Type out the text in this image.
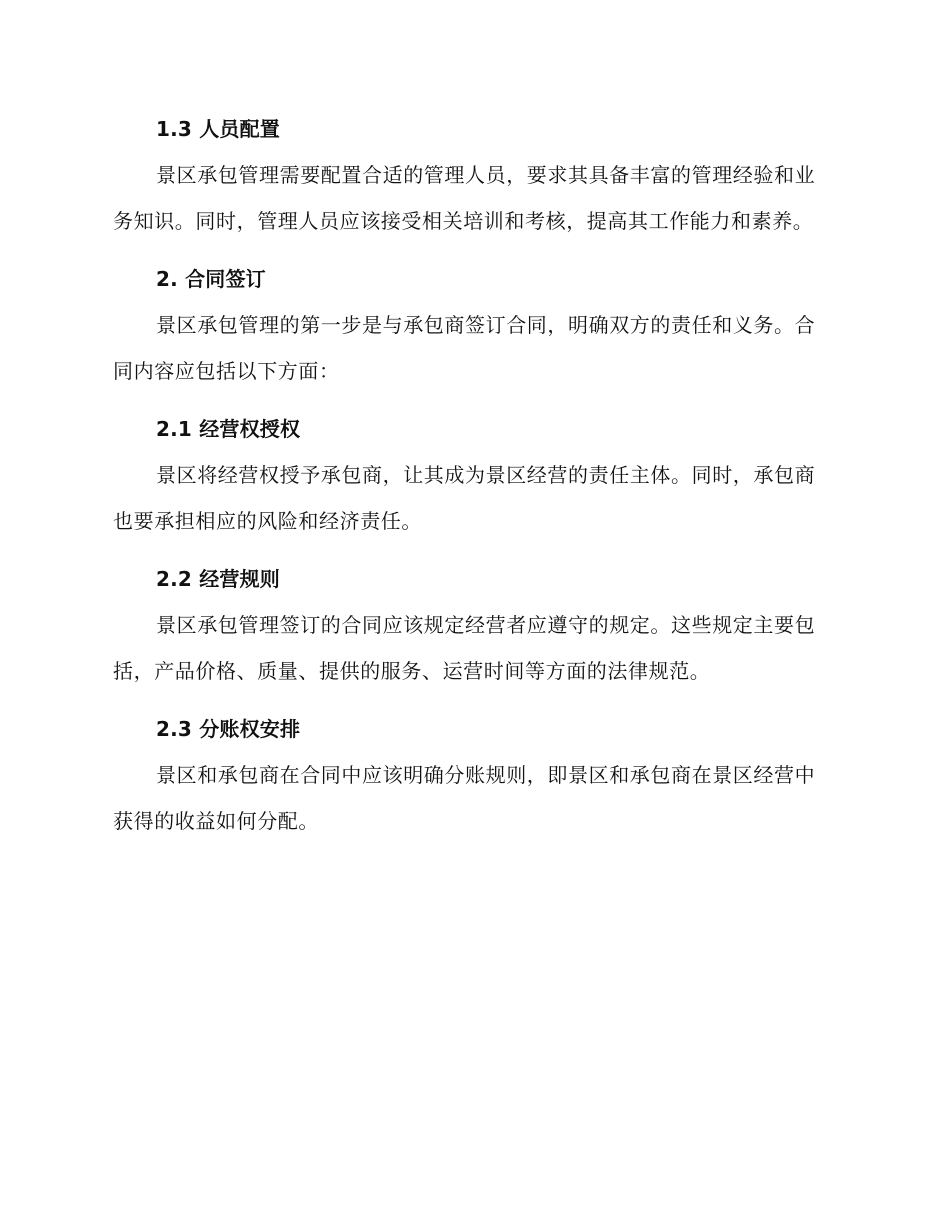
1.3 人员配置

景区承包管理需要配置合适的管理人员，要求其具备丰富的管理经验和业务知识。同时，管理人员应该接受相关培训和考核，提高其工作能力和素养。

2. 合同签订

景区承包管理的第一步是与承包商签订合同，明确双方的责任和义务。合同内容应包括以下方面：

2.1 经营权授权

景区将经营权授予承包商，让其成为景区经营的责任主体。同时，承包商也要承担相应的风险和经济责任。

2.2 经营规则

景区承包管理签订的合同应该规定经营者应遵守的规定。这些规定主要包括，产品价格、质量、提供的服务、运营时间等方面的法律规范。

2.3 分账权安排

景区和承包商在合同中应该明确分账规则，即景区和承包商在景区经营中获得的收益如何分配。
